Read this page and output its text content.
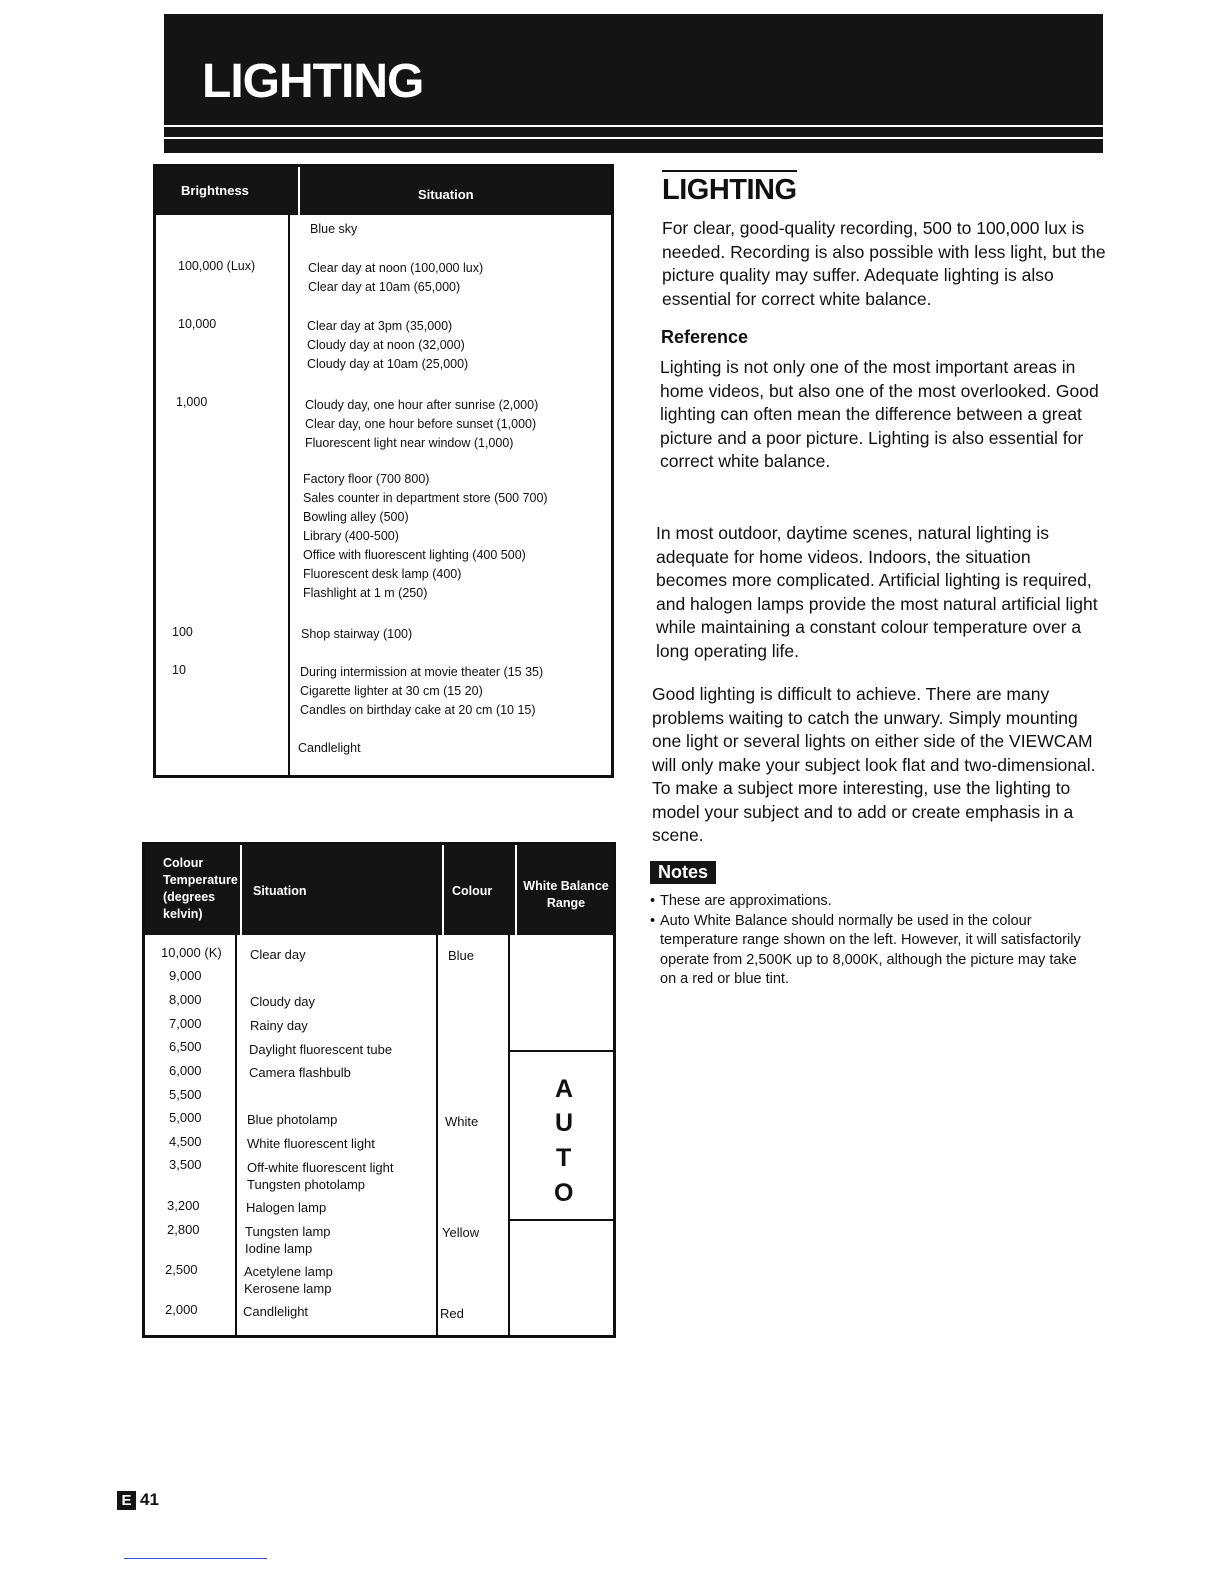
LIGHTING
Brightness	Situation
100,000 (Lux)
10,000
1,000
100
10
Blue sky
Clear day at noon (100,000 lux)
Clear day at 10am (65,000)
Clear day at 3pm (35,000)
Cloudy day at noon (32,000)
Cloudy day at 10am (25,000)
Cloudy day, one hour after sunrise (2,000)
Clear day, one hour before sunset (1,000)
Fluorescent light near window (1,000)
Factory floor (700 800)
Sales counter in department store (500 700)
Bowling alley (500)
Library (400-500)
Office with fluorescent lighting (400 500)
Fluorescent desk lamp (400)
Flashlight at 1 m (250)
Shop stairway (100)
During intermission at movie theater (15 35)
Cigarette lighter at 30 cm (15 20)
Candles on birthday cake at 20 cm (10 15)
Candlelight
Colour
Temperature
(degrees
kelvin)
Situation	Colour White Balance
Range
10,000 (K)
9,000
8,000
7,000
6,500
6,000
5,500
5,000
4,500
3,500
3,200
2,800
2,500
2,000
Clear day
Cloudy day
Rainy day
Daylight fluorescent tube
Camera flashbulb
Blue photolamp
White fluorescent light
Off-white fluorescent light
Tungsten photolamp
Halogen lamp
Tungsten lamp
Iodine lamp
Acetylene lamp
Kerosene lamp
Candlelight
Blue
White
Yellow
Red
A
U
T
O
LIGHTING
For clear, good-quality recording, 500 to 100,000 lux is needed. Recording is also possible with less light, but the picture quality may suffer. Adequate lighting is also essential for correct white balance.
Reference
Lighting is not only one of the most important areas in home videos, but also one of the most overlooked. Good lighting can often mean the difference between a great picture and a poor picture. Lighting is also essential for correct white balance.
In most outdoor, daytime scenes, natural lighting is adequate for home videos. Indoors, the situation becomes more complicated. Artificial lighting is required, and halogen lamps provide the most natural artificial light while maintaining a constant colour temperature over a long operating life.
Good lighting is difficult to achieve. There are many problems waiting to catch the unwary. Simply mounting one light or several lights on either side of the VIEWCAM will only make your subject look flat and two-dimensional. To make a subject more interesting, use the lighting to model your subject and to add or create emphasis in a scene.
Notes
• These are approximations.
• Auto White Balance should normally be used in the colour temperature range shown on the left. However, it will satisfactorily operate from 2,500K up to 8,000K, although the picture may take on a red or blue tint.
E 41
